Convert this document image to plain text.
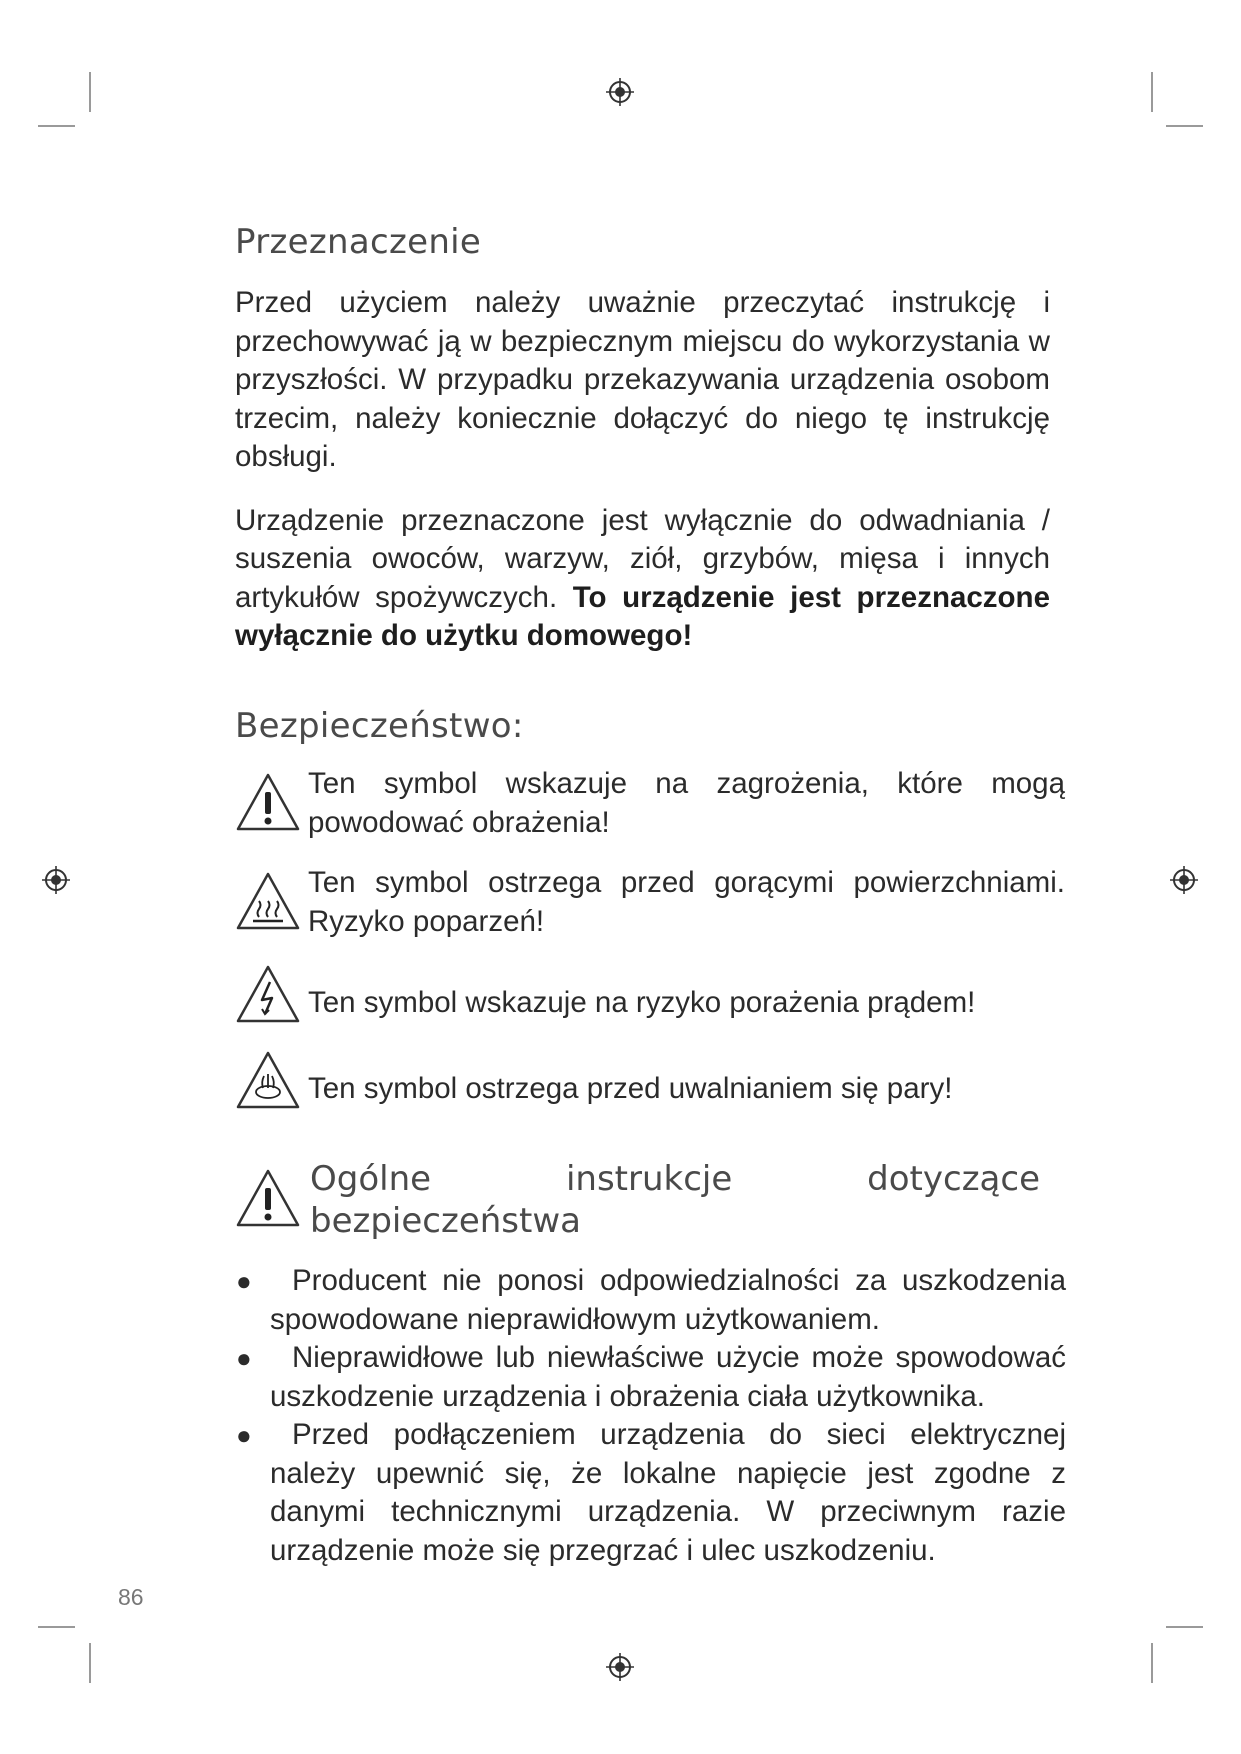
Przeznaczenie

Przed użyciem należy uważnie przeczytać instrukcję i przechowywać ją w bezpiecznym miejscu do wykorzystania w przyszłości. W przypadku przekazywania urządzenia osobom trzecim, należy koniecznie dołączyć do niego tę instrukcję obsługi.

Urządzenie przeznaczone jest wyłącznie do odwadniania / suszenia owoców, warzyw, ziół, grzybów, mięsa i innych artykułów spożywczych. To urządzenie jest przeznaczone wyłącznie do użytku domowego!

Bezpieczeństwo:
Ten symbol wskazuje na zagrożenia, które mogą powodować obrażenia!
Ten symbol ostrzega przed gorącymi powierzchniami. Ryzyko poparzeń!
Ten symbol wskazuje na ryzyko porażenia prądem!
Ten symbol ostrzega przed uwalnianiem się pary!
Ogólne	instrukcje	dotyczące
bezpieczeństwa
● Producent nie ponosi odpowiedzialności za uszkodzenia spowodowane nieprawidłowym użytkowaniem.
● Nieprawidłowe lub niewłaściwe użycie może spowodować uszkodzenie urządzenia i obrażenia ciała użytkownika.
● Przed podłączeniem urządzenia do sieci elektrycznej należy upewnić się, że lokalne napięcie jest zgodne z danymi technicznymi urządzenia. W przeciwnym razie urządzenie może się przegrzać i ulec uszkodzeniu.
86
